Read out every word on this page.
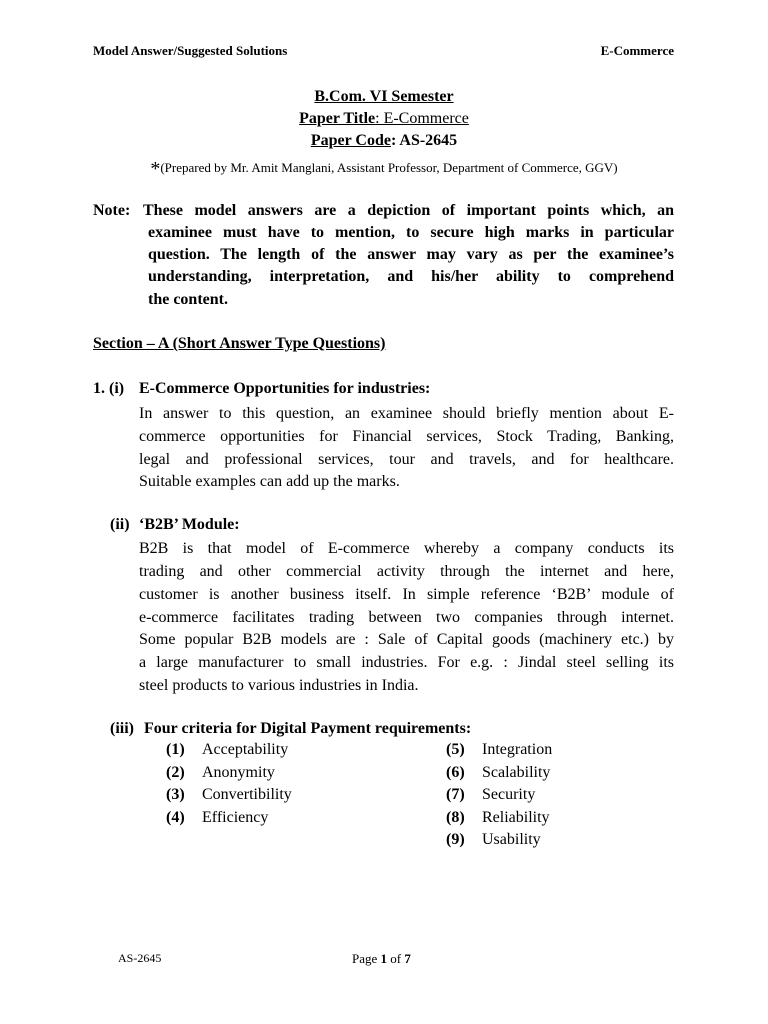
Model Answer/Suggested Solutions	E-Commerce
B.Com. VI Semester
Paper Title: E-Commerce
Paper Code: AS-2645
*(Prepared by Mr. Amit Manglani, Assistant Professor, Department of Commerce, GGV)
Note: These model answers are a depiction of important points which, an
examinee must have to mention, to secure high marks in particular
question. The length of the answer may vary as per the examinee’s
understanding, interpretation, and his/her ability to comprehend
the content.
Section – A (Short Answer Type Questions)
1. (i) E-Commerce Opportunities for industries:
In answer to this question, an examinee should briefly mention about E-
commerce opportunities for Financial services, Stock Trading, Banking,
legal and professional services, tour and travels, and for healthcare.
Suitable examples can add up the marks.
(ii) ‘B2B’ Module:
B2B is that model of E-commerce whereby a company conducts its
trading and other commercial activity through the internet and here,
customer is another business itself. In simple reference ‘B2B’ module of
e-commerce facilitates trading between two companies through internet.
Some popular B2B models are : Sale of Capital goods (machinery etc.) by
a large manufacturer to small industries. For e.g. : Jindal steel selling its
steel products to various industries in India.
(iii) Four criteria for Digital Payment requirements:
(1) Acceptability
(2) Anonymity
(3) Convertibility
(4) Efficiency
(5) Integration
(6) Scalability
(7) Security
(8) Reliability
(9) Usability
AS-2645	Page 1 of 7
